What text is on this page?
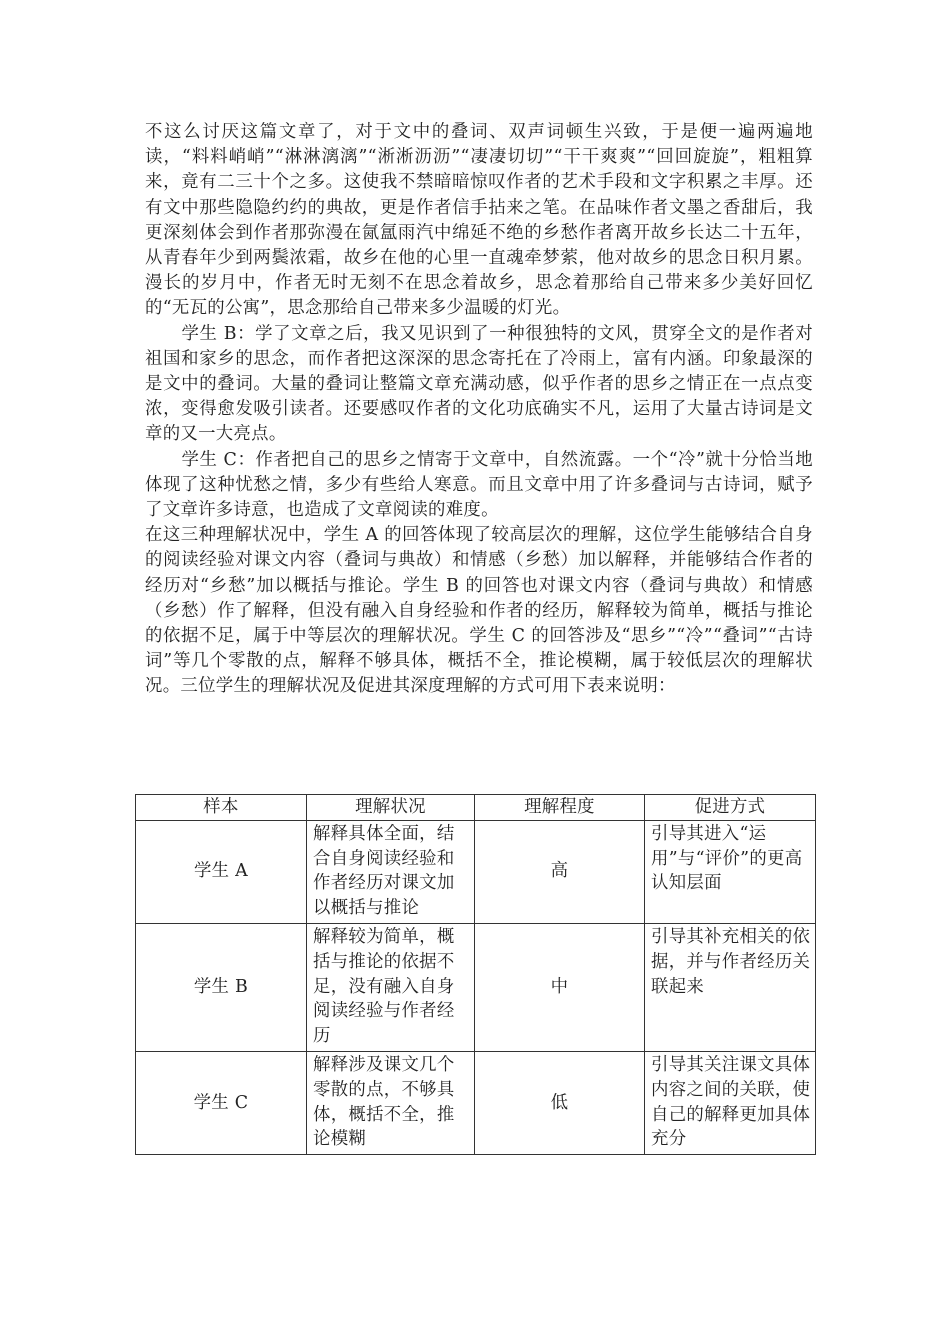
不这么讨厌这篇文章了，对于文中的叠词、双声词顿生兴致，于是便一遍两遍地读，“料料峭峭”“淋淋漓漓”“淅淅沥沥”“凄凄切切”“干干爽爽”“回回旋旋”，粗粗算来，竟有二三十个之多。这使我不禁暗暗惊叹作者的艺术手段和文字积累之丰厚。还有文中那些隐隐约约的典故，更是作者信手拈来之笔。在品味作者文墨之香甜后，我更深刻体会到作者那弥漫在氤氲雨汽中绵延不绝的乡愁作者离开故乡长达二十五年，从青春年少到两鬓浓霜，故乡在他的心里一直魂牵梦萦，他对故乡的思念日积月累。漫长的岁月中，作者无时无刻不在思念着故乡，思念着那给自己带来多少美好回忆的“无瓦的公寓”，思念那给自己带来多少温暖的灯光。

学生 B：学了文章之后，我又见识到了一种很独特的文风，贯穿全文的是作者对祖国和家乡的思念，而作者把这深深的思念寄托在了冷雨上，富有内涵。印象最深的是文中的叠词。大量的叠词让整篇文章充满动感，似乎作者的思乡之情正在一点点变浓，变得愈发吸引读者。还要感叹作者的文化功底确实不凡，运用了大量古诗词是文章的又一大亮点。

学生 C：作者把自己的思乡之情寄于文章中，自然流露。一个“冷”就十分恰当地体现了这种忧愁之情，多少有些给人寒意。而且文章中用了许多叠词与古诗词，赋予了文章许多诗意，也造成了文章阅读的难度。

在这三种理解状况中，学生 A 的回答体现了较高层次的理解，这位学生能够结合自身的阅读经验对课文内容（叠词与典故）和情感（乡愁）加以解释，并能够结合作者的经历对“乡愁”加以概括与推论。学生 B 的回答也对课文内容（叠词与典故）和情感（乡愁）作了解释，但没有融入自身经验和作者的经历，解释较为简单，概括与推论的依据不足，属于中等层次的理解状况。学生 C 的回答涉及“思乡”“冷”“叠词”“古诗词”等几个零散的点，解释不够具体，概括不全，推论模糊，属于较低层次的理解状况。三位学生的理解状况及促进其深度理解的方式可用下表来说明：

样本	理解状况	理解程度	促进方式
学生 A	解释具体全面，结合自身阅读经验和作者经历对课文加以概括与推论	高	引导其进入“运用”与“评价”的更高认知层面
学生 B	解释较为简单，概括与推论的依据不足，没有融入自身阅读经验与作者经历	中	引导其补充相关的依据，并与作者经历关联起来
学生 C	解释涉及课文几个零散的点，不够具体，概括不全，推论模糊	低	引导其关注课文具体内容之间的关联，使自己的解释更加具体充分
